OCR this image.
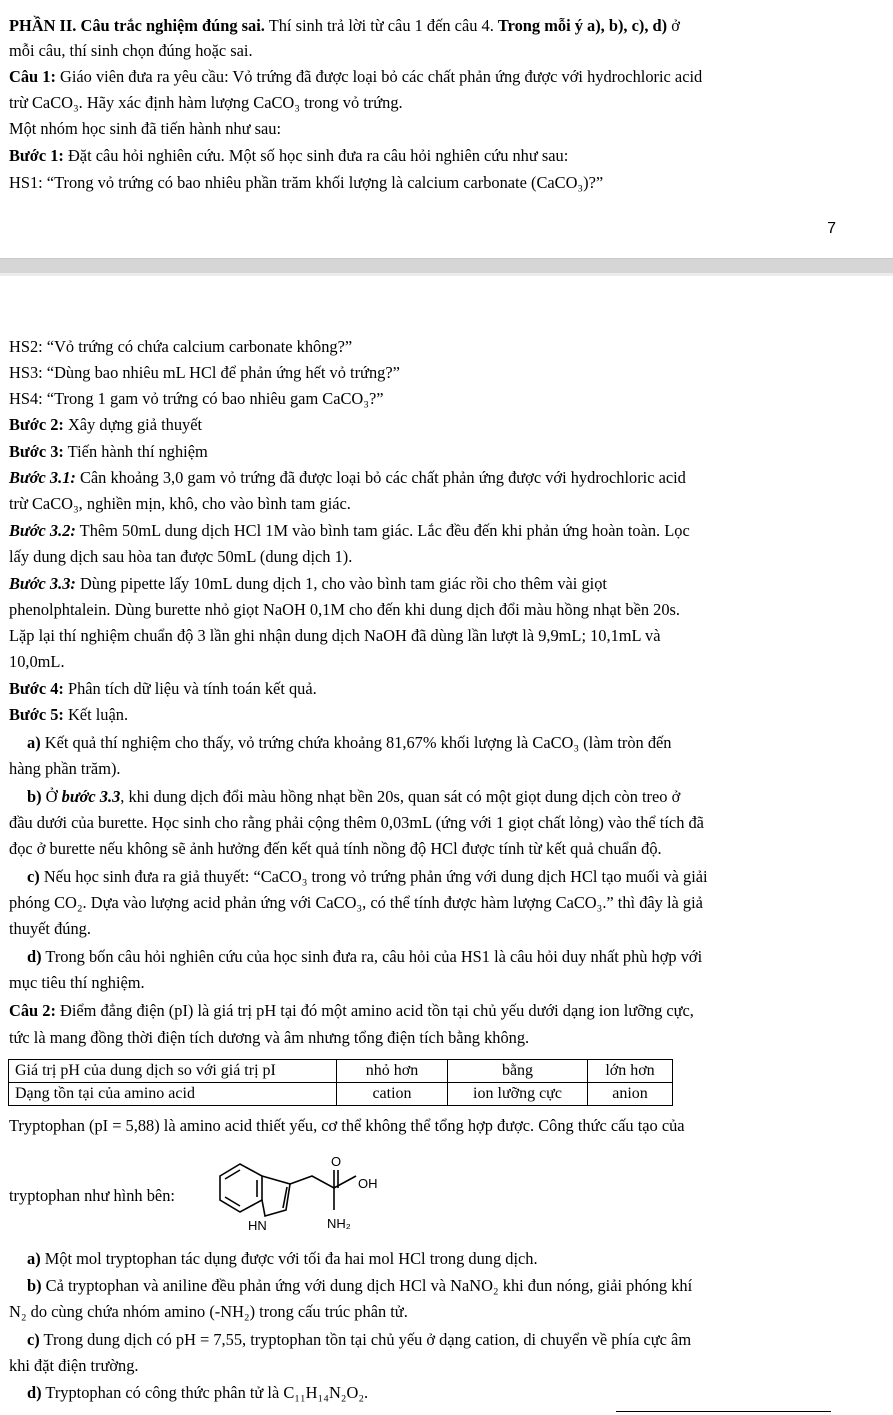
PHẦN II. Câu trắc nghiệm đúng sai. Thí sinh trả lời từ câu 1 đến câu 4. Trong mỗi ý a), b), c), d) ở
mỗi câu, thí sinh chọn đúng hoặc sai.
Câu 1: Giáo viên đưa ra yêu cầu: Vỏ trứng đã được loại bỏ các chất phản ứng được với hydrochloric acid
trừ CaCO₃. Hãy xác định hàm lượng CaCO₃ trong vỏ trứng.
Một nhóm học sinh đã tiến hành như sau:
Bước 1: Đặt câu hỏi nghiên cứu. Một số học sinh đưa ra câu hỏi nghiên cứu như sau:
HS1: “Trong vỏ trứng có bao nhiêu phần trăm khối lượng là calcium carbonate (CaCO₃)?”
7
HS2: “Vỏ trứng có chứa calcium carbonate không?”
HS3: “Dùng bao nhiêu mL HCl để phản ứng hết vỏ trứng?”
HS4: “Trong 1 gam vỏ trứng có bao nhiêu gam CaCO₃?”
Bước 2: Xây dựng giả thuyết
Bước 3: Tiến hành thí nghiệm
Bước 3.1: Cân khoảng 3,0 gam vỏ trứng đã được loại bỏ các chất phản ứng được với hydrochloric acid
trừ CaCO₃, nghiền mịn, khô, cho vào bình tam giác.
Bước 3.2: Thêm 50mL dung dịch HCl 1M vào bình tam giác. Lắc đều đến khi phản ứng hoàn toàn. Lọc
lấy dung dịch sau hòa tan được 50mL (dung dịch 1).
Bước 3.3: Dùng pipette lấy 10mL dung dịch 1, cho vào bình tam giác rồi cho thêm vài giọt
phenolphtalein. Dùng burette nhỏ giọt NaOH 0,1M cho đến khi dung dịch đổi màu hồng nhạt bền 20s.
Lặp lại thí nghiệm chuẩn độ 3 lần ghi nhận dung dịch NaOH đã dùng lần lượt là 9,9mL; 10,1mL và
10,0mL.
Bước 4: Phân tích dữ liệu và tính toán kết quả.
Bước 5: Kết luận.
a) Kết quả thí nghiệm cho thấy, vỏ trứng chứa khoảng 81,67% khối lượng là CaCO₃ (làm tròn đến
hàng phần trăm).
b) Ở bước 3.3, khi dung dịch đổi màu hồng nhạt bền 20s, quan sát có một giọt dung dịch còn treo ở
đầu dưới của burette. Học sinh cho rằng phải cộng thêm 0,03mL (ứng với 1 giọt chất lỏng) vào thể tích đã
đọc ở burette nếu không sẽ ảnh hưởng đến kết quả tính nồng độ HCl được tính từ kết quả chuẩn độ.
c) Nếu học sinh đưa ra giả thuyết: “CaCO₃ trong vỏ trứng phản ứng với dung dịch HCl tạo muối và giải
phóng CO₂. Dựa vào lượng acid phản ứng với CaCO₃, có thể tính được hàm lượng CaCO₃.” thì đây là giả
thuyết đúng.
d) Trong bốn câu hỏi nghiên cứu của học sinh đưa ra, câu hỏi của HS1 là câu hỏi duy nhất phù hợp với
mục tiêu thí nghiệm.
Câu 2: Điểm đẳng điện (pI) là giá trị pH tại đó một amino acid tồn tại chủ yếu dưới dạng ion lưỡng cực,
tức là mang đồng thời điện tích dương và âm nhưng tổng điện tích bằng không.
Giá trị pH của dung dịch so với giá trị pI	nhỏ hơn	bằng	lớn hơn
Dạng tồn tại của amino acid	cation	ion lưỡng cực	anion
Tryptophan (pI = 5,88) là amino acid thiết yếu, cơ thể không thể tổng hợp được. Công thức cấu tạo của
tryptophan như hình bên:
O
OH
HN	NH₂
a) Một mol tryptophan tác dụng được với tối đa hai mol HCl trong dung dịch.
b) Cả tryptophan và aniline đều phản ứng với dung dịch HCl và NaNO₂ khi đun nóng, giải phóng khí
N₂ do cùng chứa nhóm amino (-NH₂) trong cấu trúc phân tử.
c) Trong dung dịch có pH = 7,55, tryptophan tồn tại chủ yếu ở dạng cation, di chuyển về phía cực âm
khi đặt điện trường.
d) Tryptophan có công thức phân tử là C₁₁H₁₄N₂O₂.
